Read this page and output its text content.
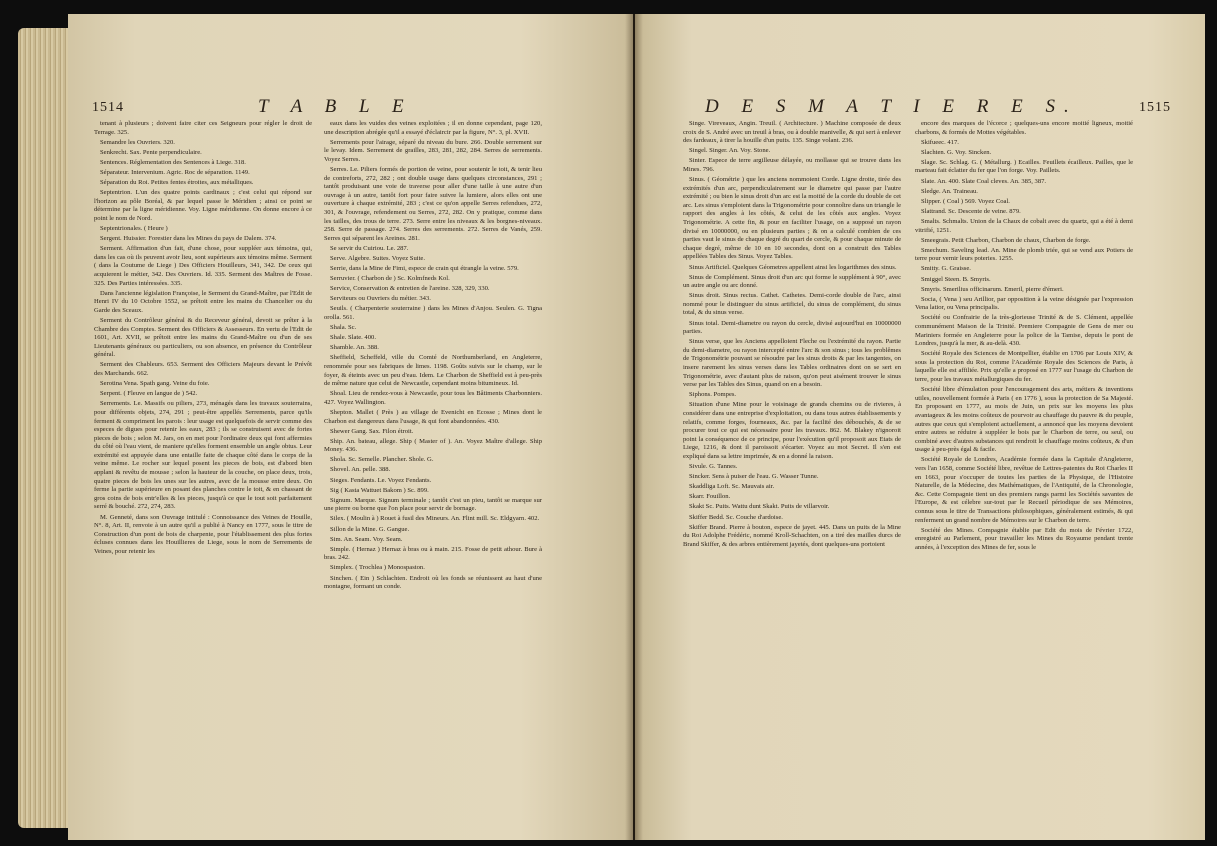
1514	T A B L E

tenant à plusieurs ; doivent faire citer ces Seigneurs pour régler le droit de Terrage. 325.

Semandre les Ouvriers. 320.

Senkrecht. Sax. Pente perpendiculaire.

Sentences. Réglementation des Sentences à Liege. 318.

Séparateur. Intervenium. Agric. Roc de séparation. 1149.

Séparation du Roi. Petites fentes étroites, aux métalliques.

Septentrion. L'un des quatre points cardinaux ; c'est celui qui répond sur l'horizon au pôle Boréal, & par lequel passe le Méridien ; ainsi ce point se détermine par la ligne méridienne. Voy. Ligne méridienne. On donne encore à ce point le nom de Nord.

Septentrionales. ( Heure )

Sergent. Huissier. Forestier dans les Mines du pays de Dalem. 374.

Serment. Affirmation d'un fait, d'une chose, pour suppléer aux témoins, qui, dans les cas où ils peuvent avoir lieu, sont supérieurs aux témoins même. Serment ( dans la Coutume de Liege ) Des Officiers Houilleurs, 341, 342. De ceux qui acquierent le métier, 342. Des Ouvriers. Id. 335. Serment des Maîtres de Fosse. 325. Des Parties intéressées. 335.

Dans l'ancienne législation Françoise, le Serment du Grand-Maître, par l'Edit de Henri IV du 10 Octobre 1552, se prêtoit entre les mains du Chancelier ou du Garde des Sceaux.

Serment du Contrôleur général & du Receveur général, devoit se prêter à la Chambre des Comptes. Serment des Officiers & Assesseurs. En vertu de l'Edit de 1601, Art. XVII, se prêtoit entre les mains du Grand-Maître ou d'un de ses Lieutenants généraux ou particuliers, ou son absence, en présence du Contrôleur général.

Serment des Chableurs. 653. Serment des Officiers Majeurs devant le Prévôt des Marchands. 662.

Serotina Vena. Spath gang. Veine du foie.

Serpent. ( Fleuve en langue de ) 542.

Serrements. Le. Massifs ou piliers, 273, ménagés dans les travaux souterrains, pour différents objets, 274, 291 ; peut-être appellés Serrements, parce qu'ils ferment & compriment les parois : leur usage est quelquefois de servir comme des especes de digues pour retenir les eaux, 283 ; ils se construisent avec de fortes pieces de bois ; selon M. Jars, on en met pour l'ordinaire deux qui font affermies du côté où l'eau vient, de maniere qu'elles forment ensemble un angle obtus. Leur extrémité est appuyée dans une entaille faite de chaque côté dans le corps de la veine même. Le rocher sur lequel posent les pieces de bois, est d'abord bien applani & revêtu de mousse ; selon la hauteur de la couche, on place deux, trois, quatre pieces de bois les unes sur les autres, avec de la mousse entre deux. On ferme la partie supérieure en posant des planches contre le toit, & en chassant de gros coins de bois entr'elles & les pieces, jusqu'à ce que le tout soit parfaitement serré & bouché. 272, 274, 283.

M. Genneté, dans son Ouvrage intitulé : Connoissance des Veines de Houille, N°. 8, Art. II, renvoie à un autre qu'il a publié à Nancy en 1777, sous le titre de Construction d'un pont de bois de charpente, pour l'établissement des plus fortes écluses connues dans les Houillieres de Liege, sous le nom de Serrements de Veines, pour retenir les

eaux dans les vuides des veines exploitées ; il en donne cependant, page 120, une description abrégée qu'il a essayé d'éclaircir par la figure, N°. 3, pl. XVII.

Serrements pour l'airage, séparé du niveau du bure. 266. Double serrement sur le levay. Idem. Serrement de grailles, 283, 281, 282, 284. Serres de serrements. Voyez Serres.

Serres. Le. Piliers formés de portion de veine, pour soutenir le toit, & tenir lieu de contreforts, 272, 282 ; ont double usage dans quelques circonstances, 291 ; tantôt produisant une voie de traverse pour aller d'une taille à une autre d'un ouvrage à un autre, tantôt fort pour faire suivre la lumiere, alors elles ont une ouverture à chaque extrémité, 283 ; c'est ce qu'on appelle Serres refendues, 272, 301, & l'ouvrage, refendement ou Serres, 272, 282. On y pratique, comme dans les tailles, des trous de terre. 273. Serre entre les niveaux & les borgnes-niveaux. 258. Serre de passage. 274. Serres des serrements. 272. Serres de Vanés, 259. Serres qui séparent les Areines. 281.

Se servir du Cuiriou. Le. 287.

Serve. Algebre. Suites. Voyez Suite.

Serrie, dans la Mine de Fimi, espece de crain qui étrangle la veine. 579.

Serruvier. ( Charbon de ) Sc. Kolmfneds Kol.

Service, Conservation & entretien de l'areine. 328, 329, 330.

Serviteurs ou Ouvriers du métier. 343.

Seuils. ( Charpenterie souterraine ) dans les Mines d'Anjou. Seulen. G. Tigna orolla. 561.

Shala. Sc.

Shale. Slate. 400.

Shamble. An. 388.

Sheffield, Scheffeld, ville du Comté de Northumberland, en Angleterre, renommée pour ses fabriques de limes. 1198. Goûts suivis sur le champ, sur le foyer, & éteints avec un peu d'eau. Idem. Le Charbon de Sheffield est à peu-près de même nature que celui de Newcastle, cependant moins bitumineux. Id.

Shoal. Lieu de rendez-vous à Newcastle, pour tous les Bâtiments Charbonniers. 427. Voyez Wallington.

Shepton. Mallet ( Près ) au village de Evenicht en Ecosse ; Mines dont le Charbon est dangereux dans l'usage, & qui font abandonnées. 430.

Shewer Gang. Sax. Filon étroit.

Ship. An. bateau, allege. Ship ( Master of ). An. Voyez Maître d'allege. Ship Money. 436.

Shola. Sc. Semelle. Plancher. Shole. G.

Shovel. An. pelle. 388.

Sieges. Fendants. Le. Voyez Fendants.

Sig ( Kasta Wattuet Bakom ) Sc. 899.

Signum. Marque. Signum terminale ; tantôt c'est un pieu, tantôt se marque sur une pierre ou borne que l'on place pour servir de bornage.

Silex. ( Moulin à ) Rouet à fusil des Mineurs. An. Flint mill. Sc. Eldgyarn. 402.

Sillon de la Mine. G. Gangue.

Sim. An. Seam. Voy. Seam.

Simple. ( Hernaz ) Hernaz à bras ou à main. 215. Fosse de petit athour. Bure à bras. 242.

Simplex. ( Trochlea ) Monospaston.

Sinchen. ( Ein ) Schlachten. Endroit où les fonds se réunissent au haut d'une montagne, formant un conde.

D E S M A T I E R E S.	1515

Singe. Vireveaux, Angin. Treuil. ( Architecture. ) Machine composée de deux croix de S. André avec un treuil à bras, ou à double manivelle, & qui sert à enlever des fardeaux, à tirer la houille d'un puits. 135. Singe volant. 236.

Singel. Singer. An. Voy. Stone.

Sinter. Espece de terre argilleuse délayée, ou mollasse qui se trouve dans les Mines. 796.

Sinus. ( Géométrie ) que les anciens nommoient Corde. Ligne droite, tirée des extrémités d'un arc, perpendiculairement sur le diametre qui passe par l'autre extrémité ; ou bien le sinus droit d'un arc est la moitié de la corde du double de cet arc. Les sinus s'emploient dans la Trigonométrie pour connoître dans un triangle le rapport des angles à les côtés, & celui de les côtés aux angles. Voyez Trigonométrie. A cette fin, & pour en faciliter l'usage, on a supposé un rayon divisé en 10000000, ou en plusieurs parties ; & on a calculé combien de ces parties vaut le sinus de chaque degré du quart de cercle, & pour chaque minute de chaque degré, même de 10 en 10 secondes, dont on a construit des Tables appellées Tables des Sinus. Voyez Tables.

Sinus Artificiel. Quelques Géometres appellent ainsi les logarithmes des sinus.

Sinus de Complément. Sinus droit d'un arc qui forme le supplément à 90°, avec un autre angle ou arc donné.

Sinus droit. Sinus rectus. Cathet. Cathetes. Demi-corde double de l'arc, ainsi nommé pour le distinguer du sinus artificiel, du sinus de complément, du sinus total, & du sinus verse.

Sinus total. Demi-diametre ou rayon du cercle, divisé aujourd'hui en 10000000 parties.

Sinus verse, que les Anciens appelloient Fleche ou l'extrémité du rayon. Partie du demi-diametre, ou rayon intercepté entre l'arc & son sinus ; tous les problêmes de Trigonométrie pouvant se résoudre par les sinus droits & par les tangentes, on insere rarement les sinus verses dans les Tables ordinaires dont on se sert en Trigonométrie, avec d'autant plus de raison, qu'on peut aisément trouver le sinus verse par les Tables des Sinus, quand on en a besoin.

Siphons. Pompes.

Situation d'une Mine pour le voisinage de grands chemins ou de rivieres, à considérer dans une entreprise d'exploitation, ou dans tous autres établissements y relatifs, comme forges, fourneaux, &c. par la facilité des débouchés, & de se procurer tout ce qui est nécessaire pour les travaux. 862. M. Blakey n'ignoroit point la conséquence de ce principe, pour l'exécution qu'il proposoit aux Etats de Liege, 1216, & dont il paroissoit s'écarter. Voyez au mot Secret. Il s'en est expliqué dans sa lettre imprimée, & en a donné la raison.

Sivule. G. Tannes.

Sincker. Sens à puiser de l'eau. G. Wasser Tunne.

Skaddliga Loft. Sc. Mauvais air.

Skarr. Fouillon.

Skakt Sc. Puits. Wattu dunt Skakt. Puits de villarvoir.

Skiffer Bedd. Sc. Couche d'ardoise.

Skiffer Brand. Pierre à bouton, espece de jayet. 445. Dans un puits de la Mine du Roi Adolphe Frédéric, nommé Kroll-Schachten, on a tiré des mailles durcs de Brand Skiffer, & des arbres entièrement jayetés, dont quelques-uns portoient

encore des marques de l'écorce ; quelques-uns encore moitié ligneux, moitié charbons, & formés de Mottes végétables.

Skifueec. 417.

Slachten. G. Voy. Sincken.

Slage. Sc. Schlag. G. ( Métallurg. ) Ecailles. Feuillets écailleux. Pailles, que le marteau fait éclatter du fer que l'on forge. Voy. Paillets.

Slate. An. 400. Slate Coal cleves. An. 385, 387.

Sledge. An. Traineau.

Slipper. ( Coal ) 569. Voyez Coal.

Slattrand. Sc. Descente de veine. 879.

Smalts. Schmalts. Union de la Chaux de cobalt avec du quartz, qui a été à demi vitrifié, 1251.

Smeegrais. Petit Charbon, Charbon de chaux, Charbon de forge.

Smechum. Saveling lead. An. Mine de plomb triée, qui se vend aux Potiers de terre pour vernir leurs poteries. 1255.

Smitty. G. Graisse.

Smiggel Steen. B. Smyris.

Smyris. Smerilius officinarum. Emeril, pierre d'émeri.

Socia, ( Vena ) seu Arillior, par opposition à la veine désignée par l'expression Vena latior, ou Vena principalis.

Société ou Confrairie de la très-glorieuse Trinité & de S. Clément, appellée communément Maison de la Trinité. Premiere Compagnie de Gens de mer ou Mariniers formée en Angleterre pour la police de la Tamise, depuis le pont de Londres, jusqu'à la mer, & au-delà. 430.

Société Royale des Sciences de Montpellier, établie en 1706 par Louis XIV, & sous la protection du Roi, comme l'Académie Royale des Sciences de Paris, à laquelle elle est affiliée. Prix qu'elle a proposé en 1777 sur l'usage du Charbon de terre, pour les travaux métallurgiques du fer.

Société libre d'émulation pour l'encouragement des arts, métiers & inventions utiles, nouvellement formée à Paris ( en 1776 ), sous la protection de Sa Majesté. En proposant en 1777, au mois de Juin, un prix sur les moyens les plus avantageux & les moins coûteux de pourvoir au chauffage du pauvre & du peuple, autres que ceux qui s'emploient actuellement, a annoncé que les moyens devoient entre autres se réduire à suppléer le bois par le Charbon de terre, ou seul, ou combiné avec d'autres substances qui rendroit le chauffage moins coûteux, & d'un usage à peu-près égal & facile.

Société Royale de Londres, Académie formée dans la Capitale d'Angleterre, vers l'an 1658, comme Société libre, revêtue de Lettres-patentes du Roi Charles II en 1663, pour s'occuper de toutes les parties de la Physique, de l'Histoire Naturelle, de la Médecine, des Mathématiques, de l'Antiquité, de la Chronologie, &c. Cette Compagnie tient un des premiers rangs parmi les Sociétés savantes de l'Europe, & est célebre sur-tout par le Recueil périodique de ses Mémoires, connus sous le titre de Transactions philosophiques, généralement estimés, & qui renferment un grand nombre de Mémoires sur le Charbon de terre.

Société des Mines. Compagnie établie par Edit du mois de Février 1722, enregistré au Parlement, pour travailler les Mines du Royaume pendant trente années, à l'exception des Mines de fer, sous le
